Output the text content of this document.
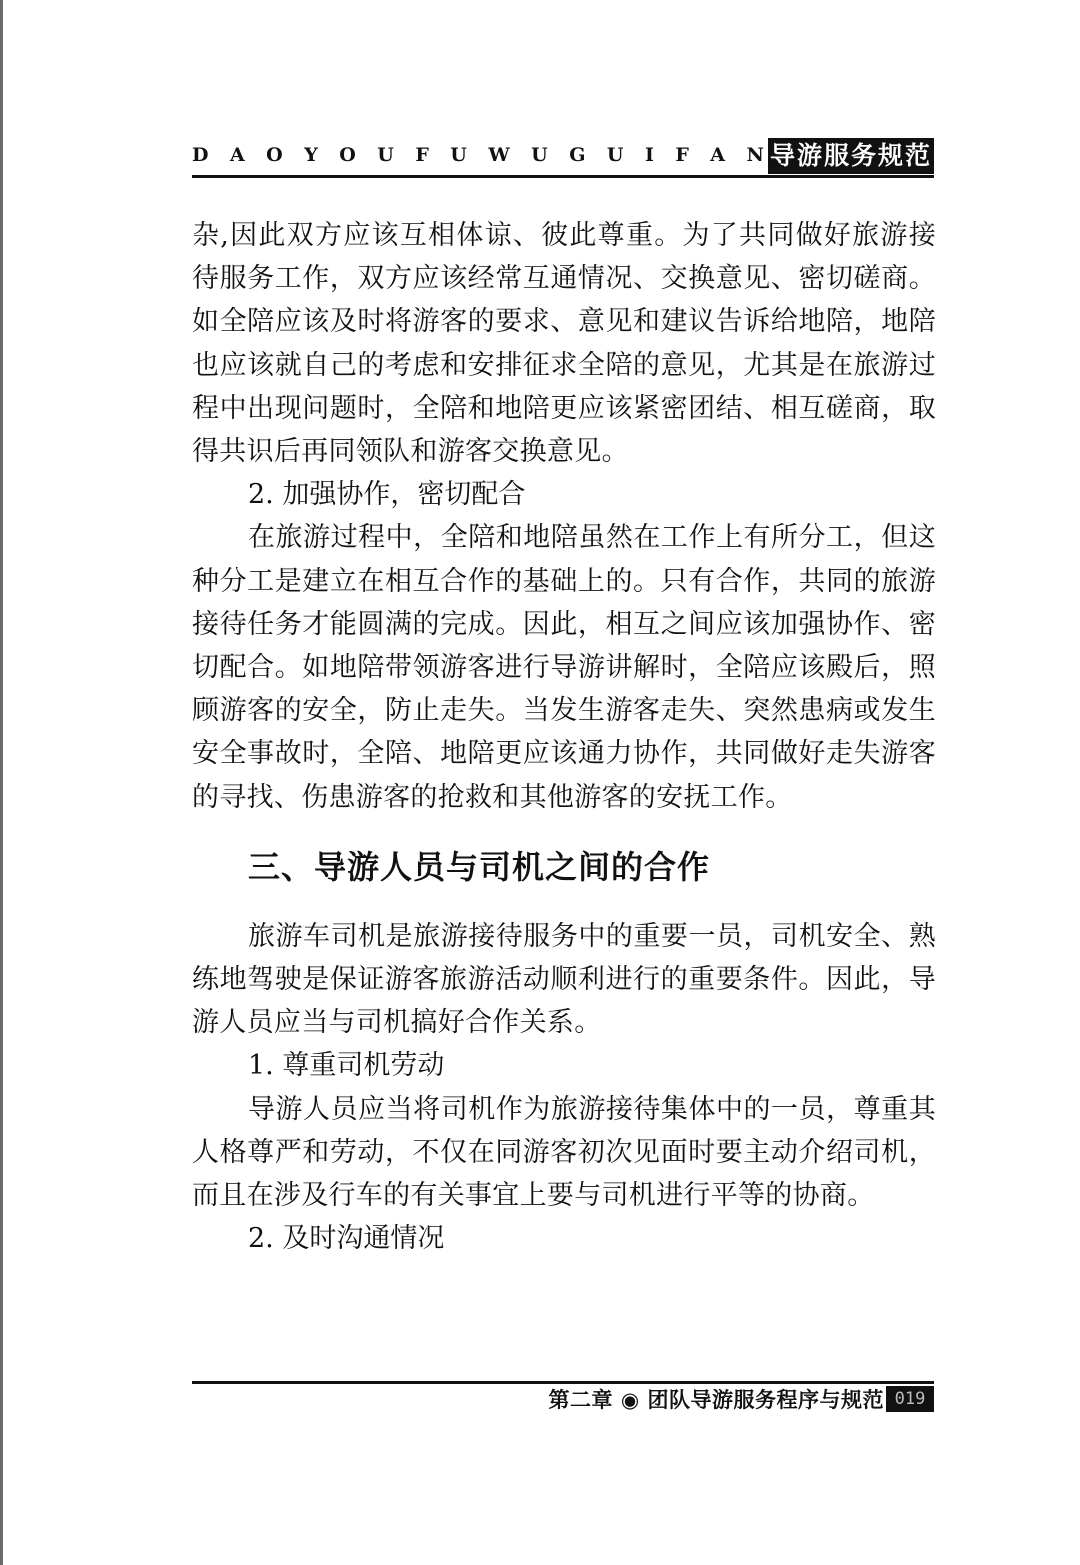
D A O Y O U F U W U G U I F A N 导游服务规范

杂,因此双方应该互相体谅、彼此尊重。为了共同做好旅游接待服务工作，双方应该经常互通情况、交换意见、密切磋商。如全陪应该及时将游客的要求、意见和建议告诉给地陪，地陪也应该就自己的考虑和安排征求全陪的意见，尤其是在旅游过程中出现问题时，全陪和地陪更应该紧密团结、相互磋商，取得共识后再同领队和游客交换意见。

2. 加强协作，密切配合

在旅游过程中，全陪和地陪虽然在工作上有所分工，但这种分工是建立在相互合作的基础上的。只有合作，共同的旅游接待任务才能圆满的完成。因此，相互之间应该加强协作、密切配合。如地陪带领游客进行导游讲解时，全陪应该殿后，照顾游客的安全，防止走失。当发生游客走失、突然患病或发生安全事故时，全陪、地陪更应该通力协作，共同做好走失游客的寻找、伤患游客的抢救和其他游客的安抚工作。

三、导游人员与司机之间的合作

旅游车司机是旅游接待服务中的重要一员，司机安全、熟练地驾驶是保证游客旅游活动顺利进行的重要条件。因此，导游人员应当与司机搞好合作关系。

1. 尊重司机劳动

导游人员应当将司机作为旅游接待集体中的一员，尊重其人格尊严和劳动，不仅在同游客初次见面时要主动介绍司机，而且在涉及行车的有关事宜上要与司机进行平等的协商。

2. 及时沟通情况

第二章 ◉ 团队导游服务程序与规范 019
